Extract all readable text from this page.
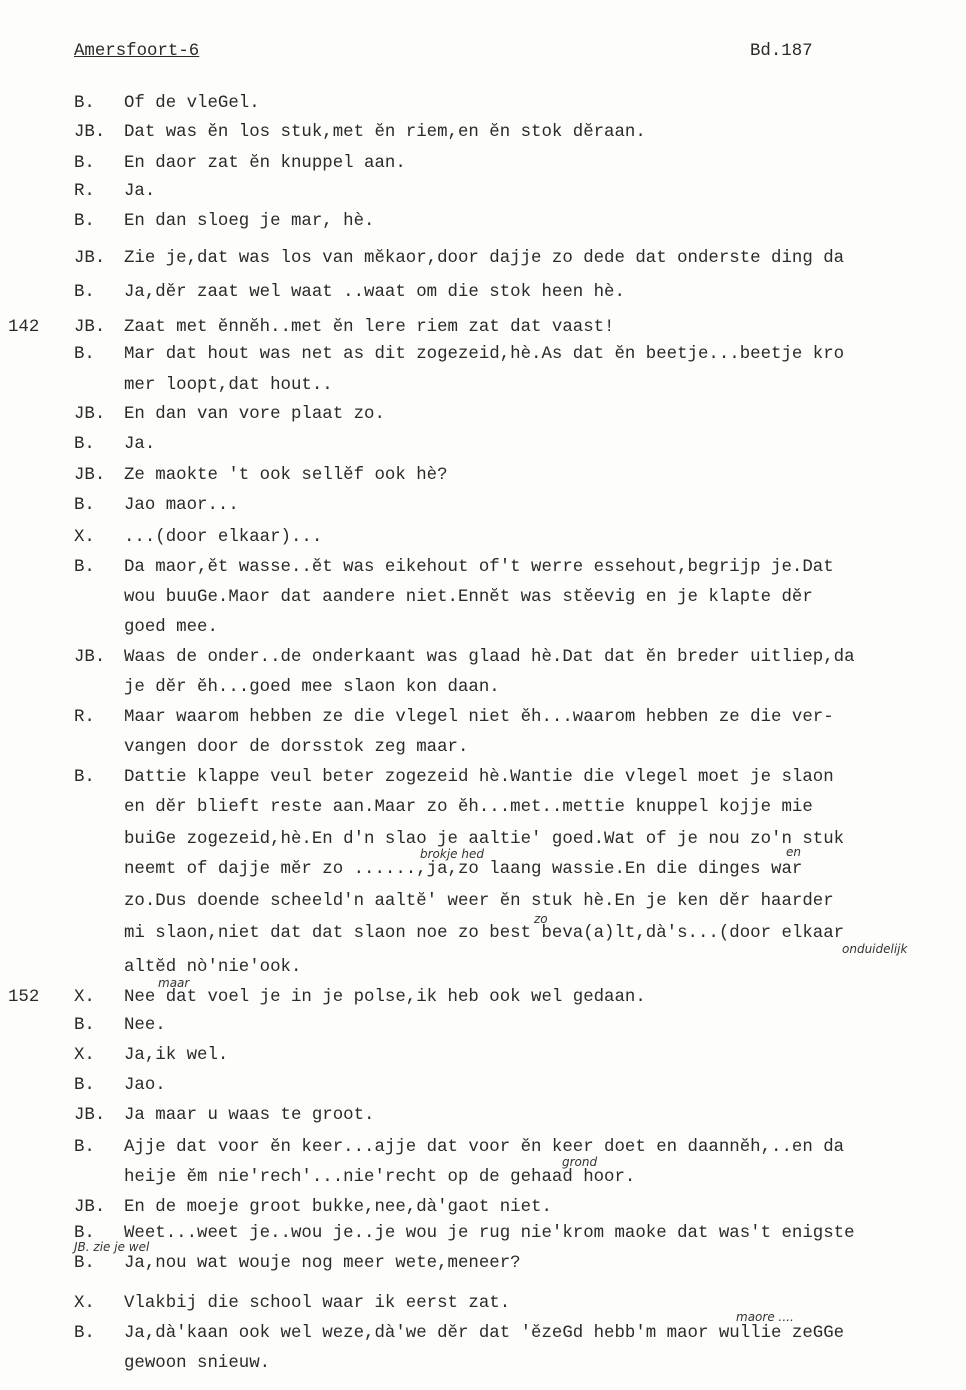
Amersfoort-6	Bd.187
B. Of de vleGel.
JB. Dat was ĕn los stuk,met ĕn riem,en ĕn stok dĕraan.
B. En daor zat ĕn knuppel aan.
R. Ja.
B. En dan sloeg je mar, hè.
JB. Zie je,dat was los van mĕkaor,door dajje zo dede dat onderste ding da
B. Ja,dĕr zaat wel waat ..waat om die stok heen hè.
142 JB. Zaat met ĕnnĕh..met ĕn lere riem zat dat vaast!
B. Mar dat hout was net as dit zogezeid,hè.As dat ĕn beetje...beetje kro
mer loopt,dat hout..
JB. En dan van vore plaat zo.
B. Ja.
JB. Ze maokte 't ook sellĕf ook hè?
B. Jao maor...
X. ...(door elkaar)...
B. Da maor,ĕt wasse..ĕt was eikehout of't werre essehout,begrijp je.Dat
wou buuGe.Maor dat aandere niet.Ennĕt was stĕevig en je klapte dĕr
goed mee.
JB. Waas de onder..de onderkaant was glaad hè.Dat dat ĕn breder uitliep,da
je dĕr ĕh...goed mee slaon kon daan.
R. Maar waarom hebben ze die vlegel niet ĕh...waarom hebben ze die ver-
vangen door de dorsstok zeg maar.
B. Dattie klappe veul beter zogezeid hè.Wantie die vlegel moet je slaon
en dĕr blieft reste aan.Maar zo ĕh...met..mettie knuppel kojje mie
buiGe zogezeid,hè.En d'n slao je aaltie' goed.Wat of je nou zo'n stuk
neemt of dajje mĕr zo ......,ja,zo laang wassie.En die dinges war
zo.Dus doende scheeld'n aaltĕ' weer ĕn stuk hè.En je ken dĕr haarder
mi slaon,niet dat dat slaon noe zo best beva(a)lt,dà's...(door elkaar
altĕd nò'nie'ook.
152 X. Nee dat voel je in je polse,ik heb ook wel gedaan.
B. Nee.
X. Ja,ik wel.
B. Jao.
JB. Ja maar u waas te groot.
B. Ajje dat voor ĕn keer...ajje dat voor ĕn keer doet en daannĕh,..en da
heije ĕm nie'rech'...nie'recht op de gehaad hoor.
JB. En de moeje groot bukke,nee,dà'gaot niet.
B. Weet...weet je..wou je..je wou je rug nie'krom maoke dat was't enigste
B. Ja,nou wat wouje nog meer wete,meneer?
X. Vlakbij die school waar ik eerst zat.
B. Ja,dà'kaan ook wel weze,dà'we dĕr dat 'ĕzeGd hebb'm maor wullie zeGGe
gewoon snieuw.
brokje hed	en
zo
onduidelijk
maar
grond
JB. zie je wel
maore ....
